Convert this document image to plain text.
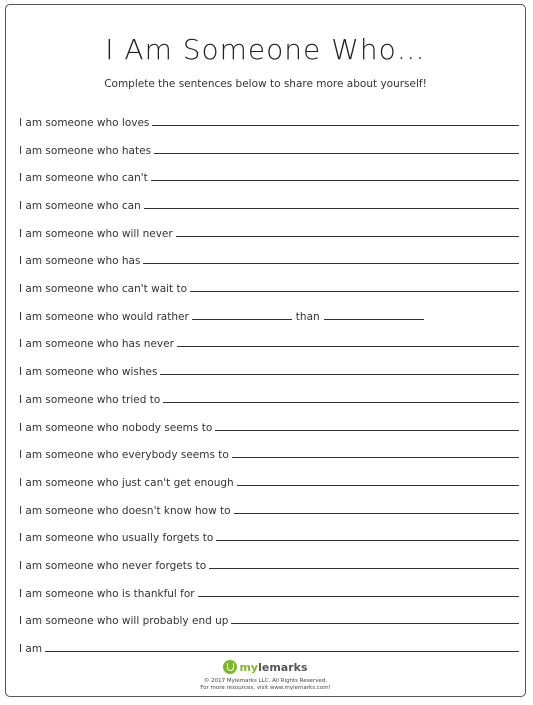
I Am Someone Who…
Complete the sentences below to share more about yourself!
I am someone who loves
I am someone who hates
I am someone who can't
I am someone who can
I am someone who will never
I am someone who has
I am someone who can't wait to
I am someone who would rather	than
I am someone who has never
I am someone who wishes
I am someone who tried to
I am someone who nobody seems to
I am someone who everybody seems to
I am someone who just can't get enough
I am someone who doesn't know how to
I am someone who usually forgets to
I am someone who never forgets to
I am someone who is thankful for
I am someone who will probably end up
I am
mylemarks
© 2017 Mylemarks LLC. All Rights Reserved.
For more resources, visit www.mylemarks.com!
